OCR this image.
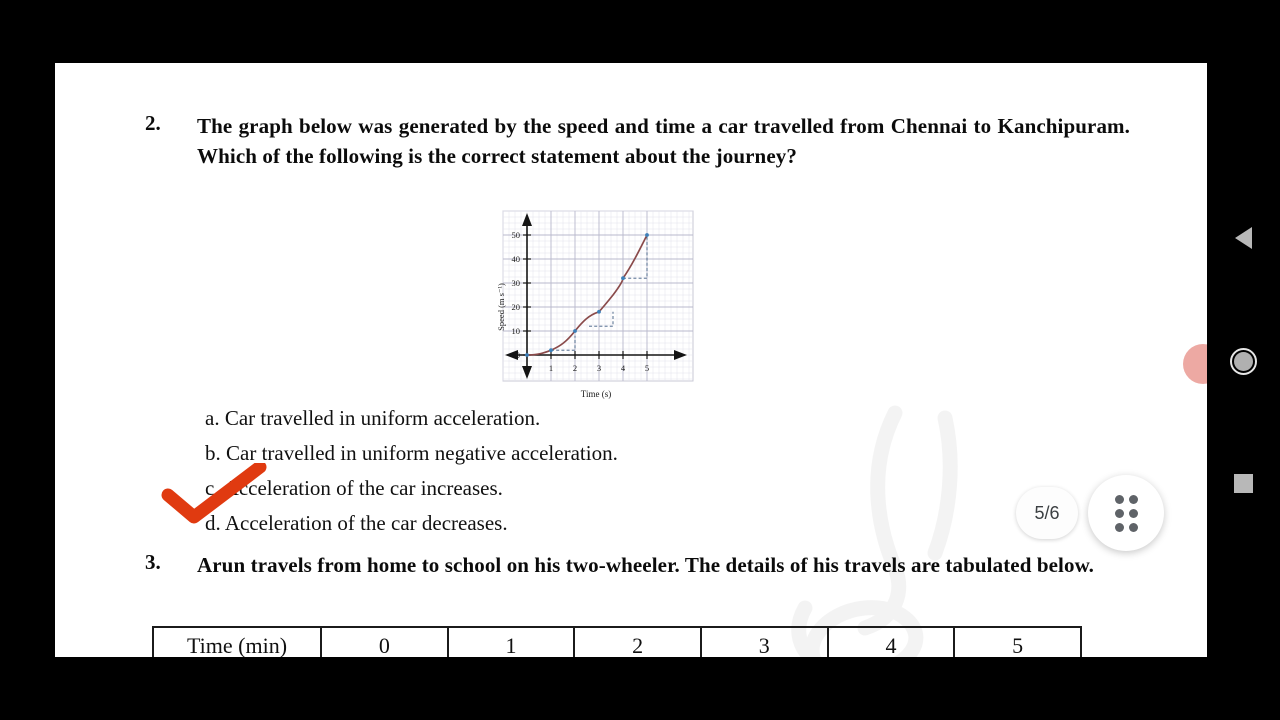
2. The graph below was generated by the speed and time a car travelled from Chennai to Kanchipuram. Which of the following is the correct statement about the journey?
0
10
20
30
40
50
1 2 3 4 5
Time (s)
Speed (m s⁻¹)
a. Car travelled in uniform acceleration.
b. Car travelled in uniform negative acceleration.
c. Acceleration of the car increases.
d. Acceleration of the car decreases.
3. Arun travels from home to school on his two-wheeler. The details of his travels are tabulated below.
Time (min)	0	1	2	3	4	5
5/6
